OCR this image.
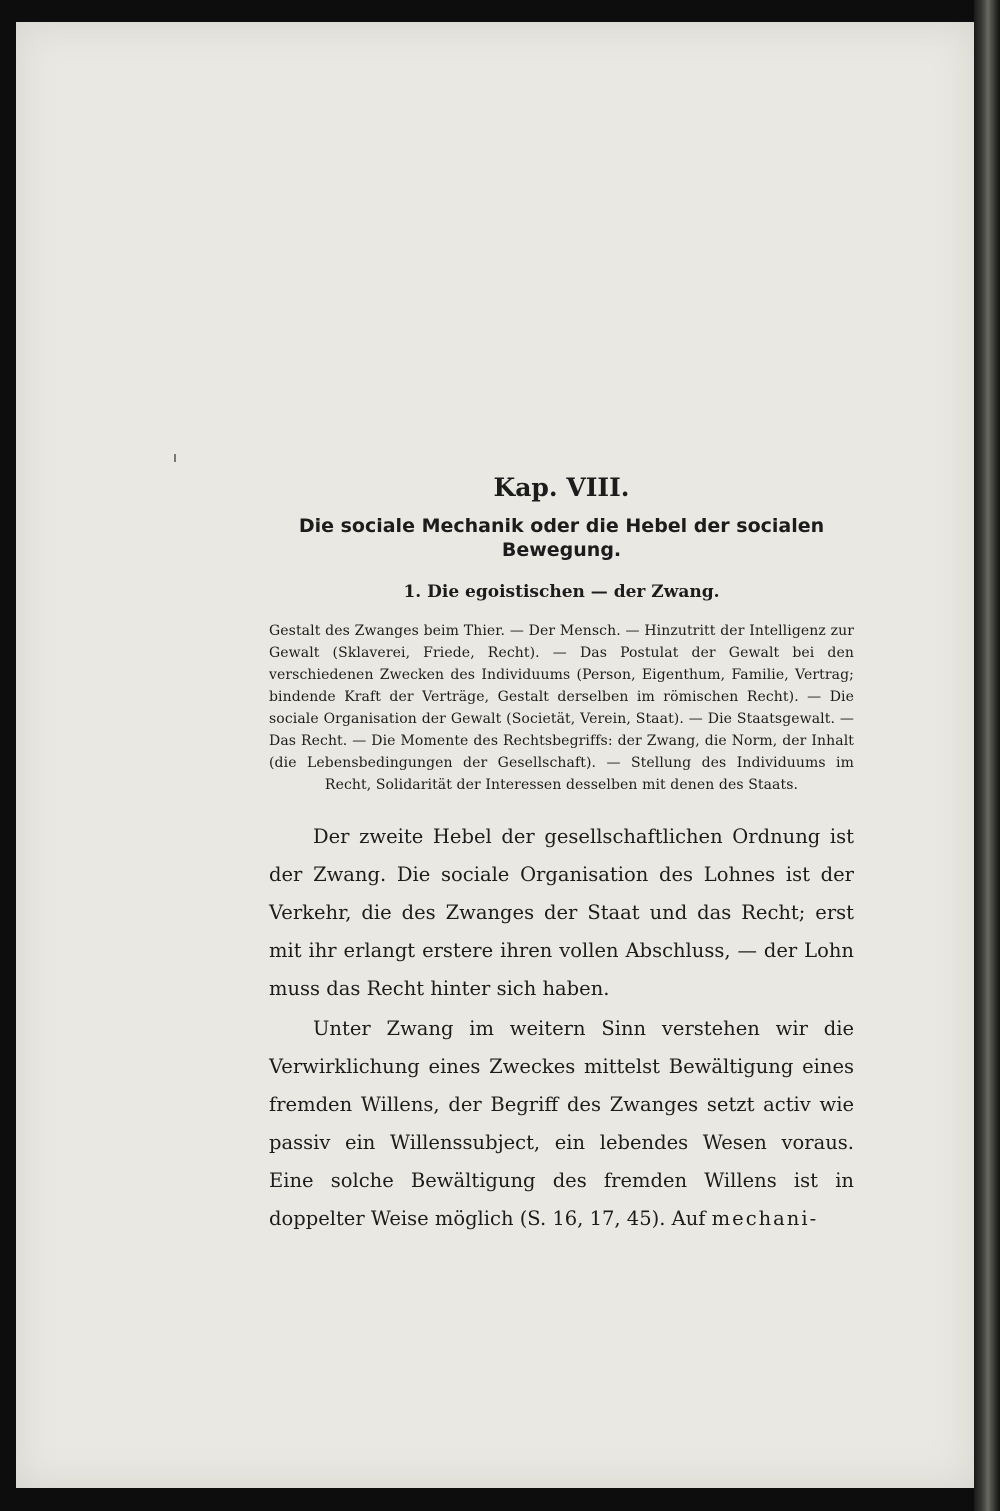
Kap. VIII.
Die sociale Mechanik oder die Hebel der socialen Bewegung.
1. Die egoistischen — der Zwang.

Gestalt des Zwanges beim Thier. — Der Mensch. — Hinzutritt der Intelligenz zur Gewalt (Sklaverei, Friede, Recht). — Das Postulat der Gewalt bei den verschiedenen Zwecken des Individuums (Person, Eigenthum, Familie, Vertrag; bindende Kraft der Verträge, Gestalt derselben im römischen Recht). — Die sociale Organisation der Gewalt (Societät, Verein, Staat). — Die Staatsgewalt. — Das Recht. — Die Momente des Rechtsbegriffs: der Zwang, die Norm, der Inhalt (die Lebensbedingungen der Gesellschaft). — Stellung des Individuums im Recht, Solidarität der Interessen desselben mit denen des Staats.

Der zweite Hebel der gesellschaftlichen Ordnung ist der Zwang. Die sociale Organisation des Lohnes ist der Verkehr, die des Zwanges der Staat und das Recht; erst mit ihr erlangt erstere ihren vollen Abschluss, — der Lohn muss das Recht hinter sich haben.

Unter Zwang im weitern Sinn verstehen wir die Verwirklichung eines Zweckes mittelst Bewältigung eines fremden Willens, der Begriff des Zwanges setzt activ wie passiv ein Willenssubject, ein lebendes Wesen voraus. Eine solche Bewältigung des fremden Willens ist in doppelter Weise möglich (S. 16, 17, 45). Auf mechani-
